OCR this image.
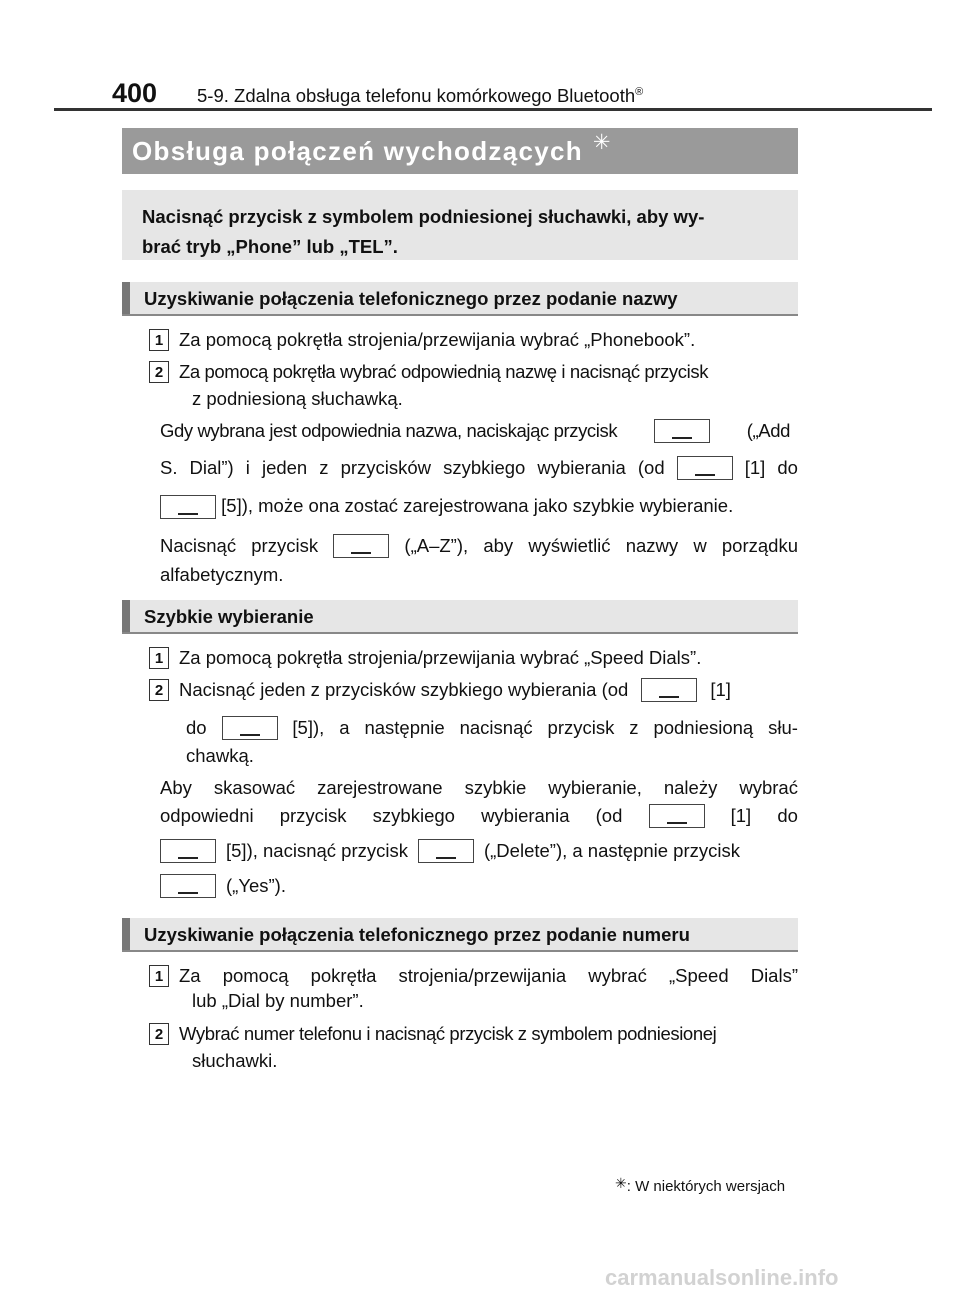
400 5-9. Zdalna obsługa telefonu komórkowego Bluetooth®
Obsługa połączeń wychodzących ✳
Nacisnąć przycisk z symbolem podniesionej słuchawki, aby wy-
brać tryb „Phone” lub „TEL”.
Uzyskiwanie połączenia telefonicznego przez podanie nazwy
1 Za pomocą pokrętła strojenia/przewijania wybrać „Phonebook”.
2 Za pomocą pokrętła wybrać odpowiednią nazwę i nacisnąć przycisk
z podniesioną słuchawką.
Gdy wybrana jest odpowiednia nazwa, naciskając przycisk	(„Add
S. Dial”) i jeden z przycisków szybkiego wybierania (od	[1] do
[5]), może ona zostać zarejestrowana jako szybkie wybieranie.
Nacisnąć przycisk	(„A–Z”), aby wyświetlić nazwy w porządku
alfabetycznym.
Szybkie wybieranie
1 Za pomocą pokrętła strojenia/przewijania wybrać „Speed Dials”.
2 Nacisnąć jeden z przycisków szybkiego wybierania (od	[1]
do	[5]), a następnie nacisnąć przycisk z podniesioną słu-
chawką.
Aby skasować zarejestrowane szybkie wybieranie, należy wybrać
odpowiedni przycisk szybkiego wybierania (od	[1] do
[5]), nacisnąć przycisk	(„Delete”), a następnie przycisk
(„Yes”).
Uzyskiwanie połączenia telefonicznego przez podanie numeru
1 Za pomocą pokrętła strojenia/przewijania wybrać „Speed Dials”
lub „Dial by number”.
2 Wybrać numer telefonu i nacisnąć przycisk z symbolem podniesionej
słuchawki.
✳: W niektórych wersjach
carmanualsonline.info
